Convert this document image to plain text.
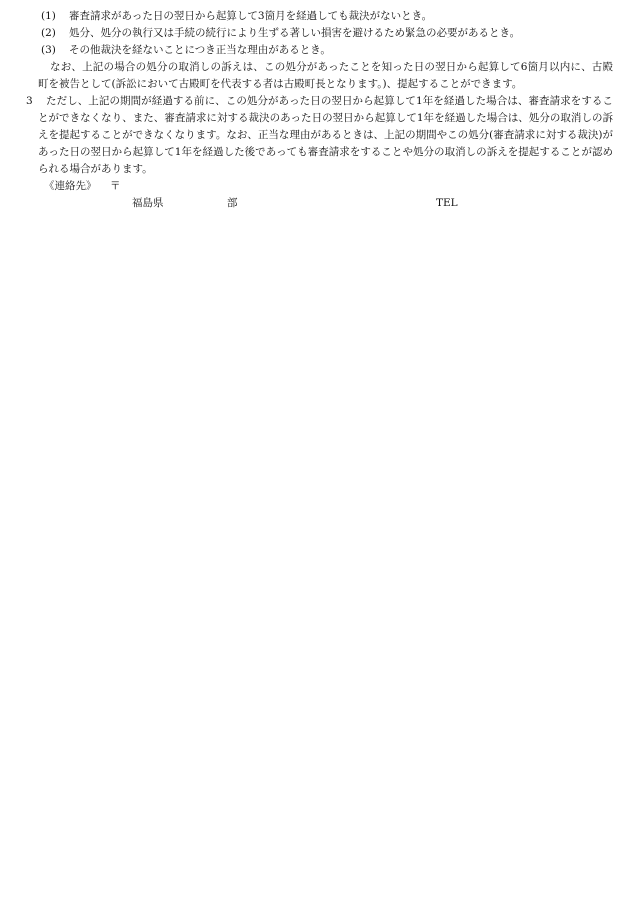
(1) 審査請求があった日の翌日から起算して3箇月を経過しても裁決がないとき。
(2) 処分、処分の執行又は手続の続行により生ずる著しい損害を避けるため緊急の必要があるとき。
(3) その他裁決を経ないことにつき正当な理由があるとき。
なお、上記の場合の処分の取消しの訴えは、この処分があったことを知った日の翌日から起算して6箇月以内に、古殿町を被告として(訴訟において古殿町を代表する者は古殿町長となります。)、提起することができます。
3	ただし、上記の期間が経過する前に、この処分があった日の翌日から起算して1年を経過した場合は、審査請求をすることができなくなり、また、審査請求に対する裁決のあった日の翌日から起算して1年を経過した場合は、処分の取消しの訴えを提起することができなくなります。なお、正当な理由があるときは、上記の期間やこの処分(審査請求に対する裁決)があった日の翌日から起算して1年を経過した後であっても審査請求をすることや処分の取消しの訴えを提起することが認められる場合があります。
《連絡先》 〒
福島県	部	TEL
